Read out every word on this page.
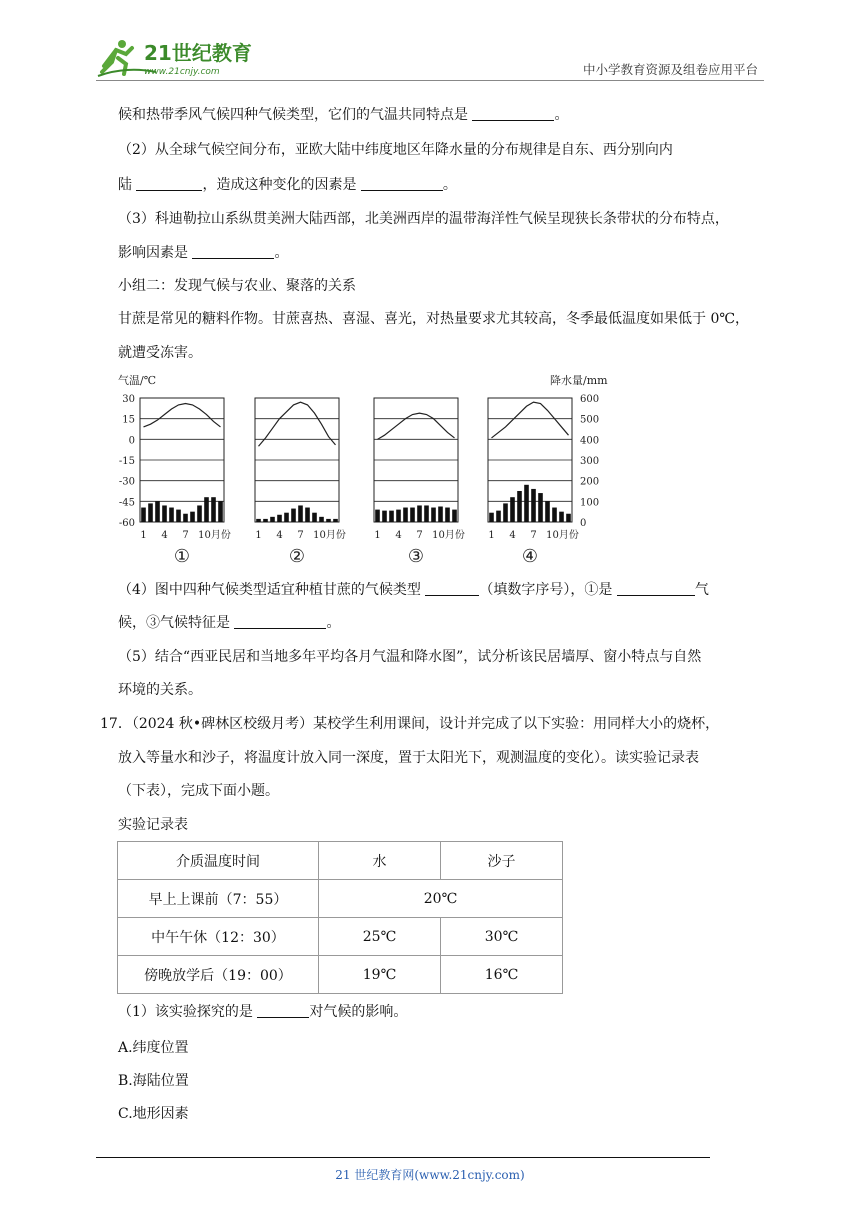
21世纪教育
www.21cnjy.com	中小学教育资源及组卷应用平台
候和热带季风气候四种气候类型，它们的气温共同特点是	。
（2）从全球气候空间分布，亚欧大陆中纬度地区年降水量的分布规律是自东、西分别向内
陆	，造成这种变化的因素是	。
（3）科迪勒拉山系纵贯美洲大陆西部，北美洲西岸的温带海洋性气候呈现狭长条带状的分布特点，
影响因素是	。
小组二：发现气候与农业、聚落的关系
甘蔗是常见的糖料作物。甘蔗喜热、喜湿、喜光，对热量要求尤其较高，冬季最低温度如果低于 0℃，
就遭受冻害。
气温/℃	降水量/mm
30
15
0
-15
-30
-45
-60
600
500
400
300
200
100
0
1 4 7 10月份
①
1 4 7 10月份
②
1 4 7 10月份
③
1 4 7 10月份
④
（4）图中四种气候类型适宜种植甘蔗的气候类型	（填数字序号），①是	气
候，③气候特征是	。
（5）结合“西亚民居和当地多年平均各月气温和降水图”，试分析该民居墙厚、窗小特点与自然
环境的关系。
17．（2024 秋•碑林区校级月考）某校学生利用课间，设计并完成了以下实验：用同样大小的烧杯，
放入等量水和沙子，将温度计放入同一深度，置于太阳光下，观测温度的变化）。读实验记录表
（下表），完成下面小题。
实验记录表
介质温度时间	水	沙子
早上上课前（7：55）	20℃	
中午午休（12：30）	25℃	30℃
傍晚放学后（19：00）	19℃	16℃
（1）该实验探究的是	对气候的影响。
A.纬度位置
B.海陆位置
C.地形因素
21 世纪教育网(www.21cnjy.com)
